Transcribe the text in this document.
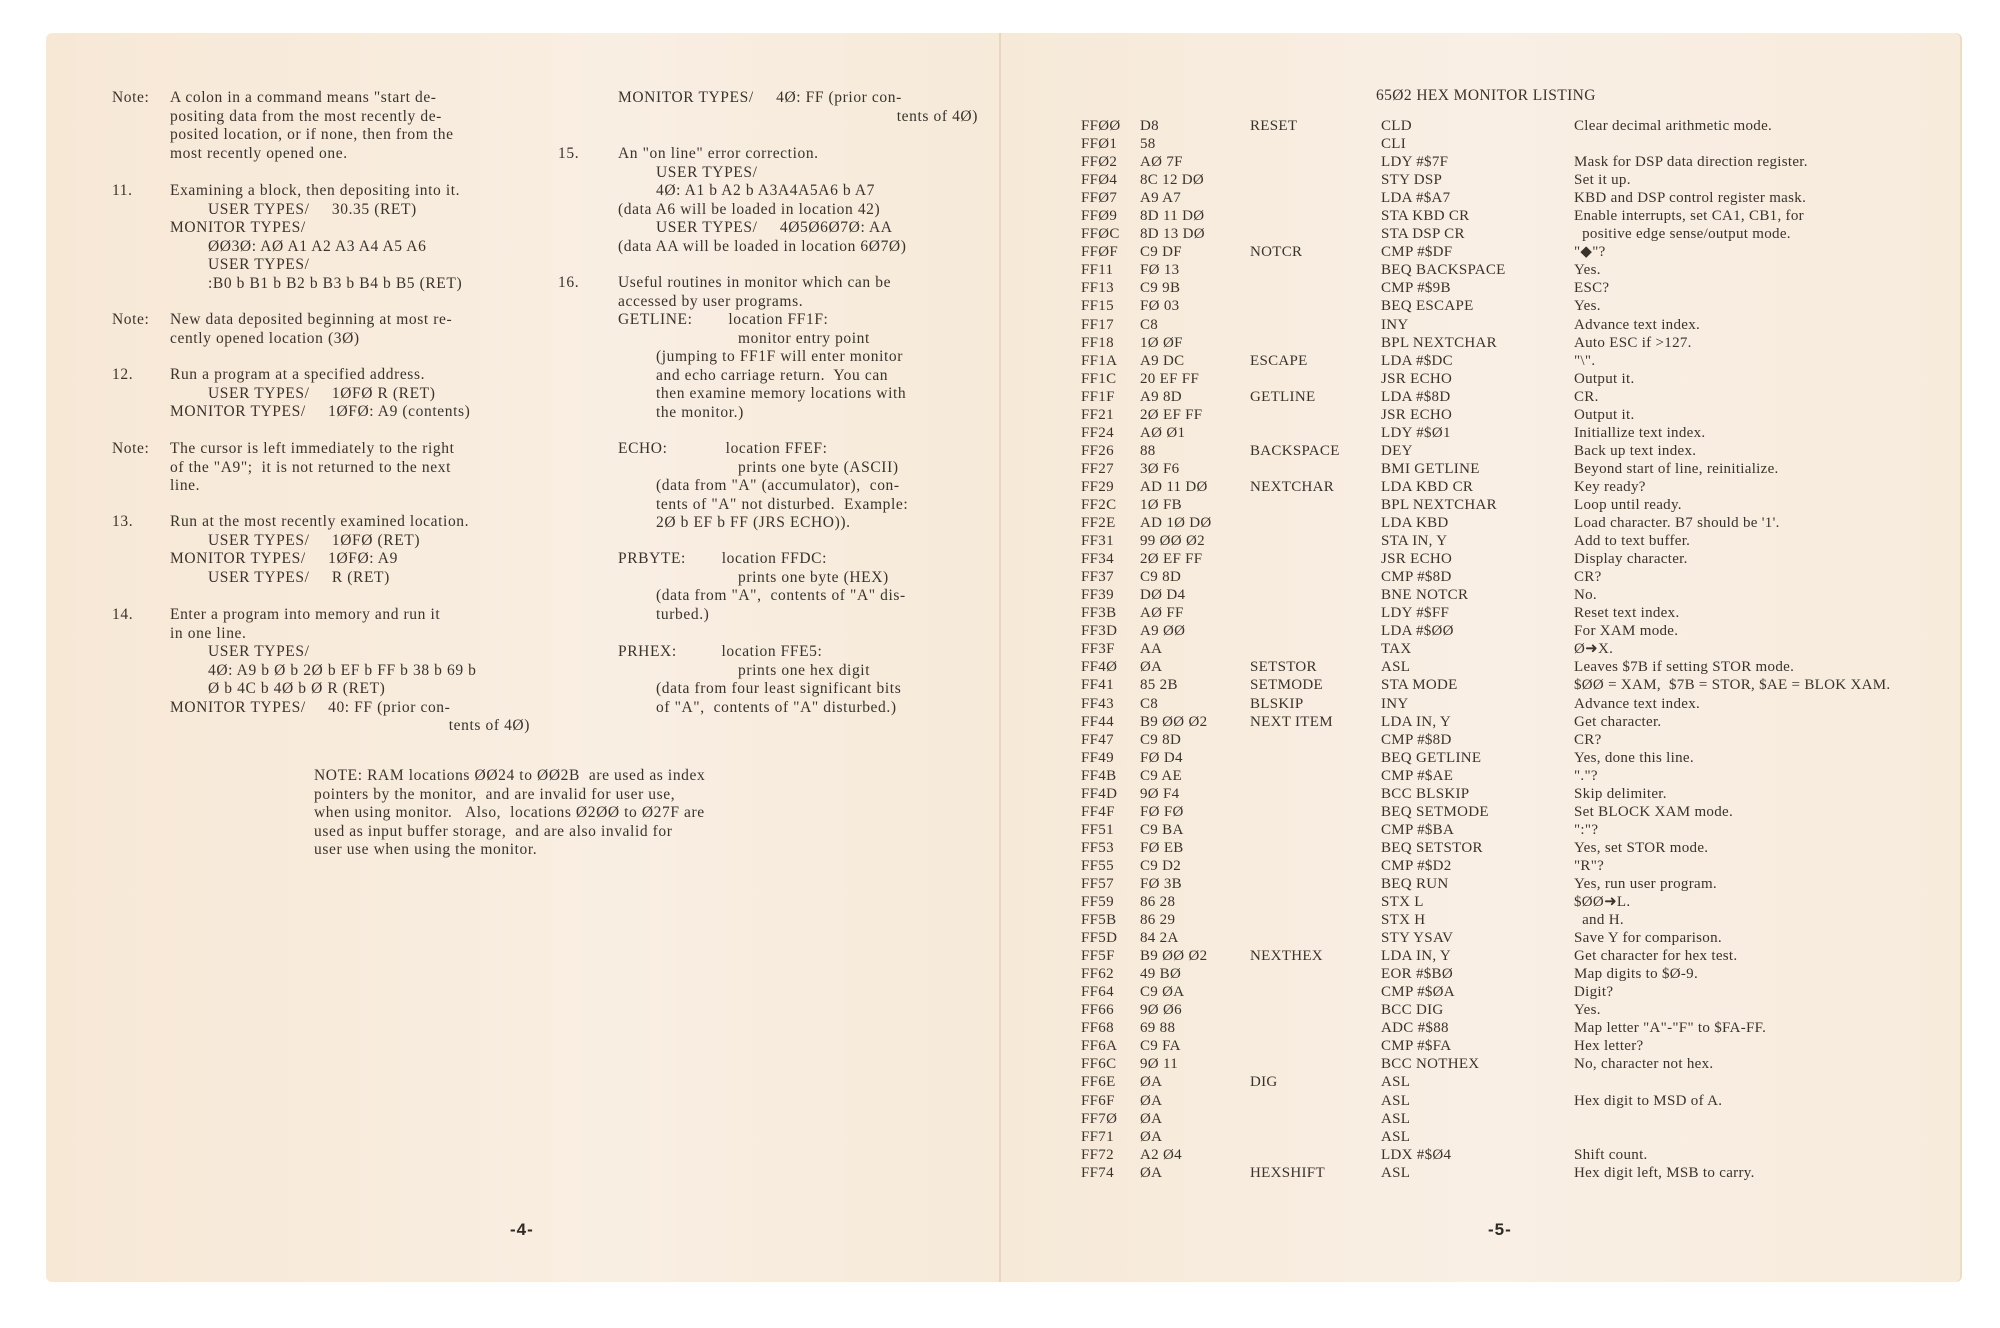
Note: A colon in a command means "start de-
positing data from the most recently de-
posited location, or if none, then from the
most recently opened one.
11. Examining a block, then depositing into it.
USER TYPES/     30.35 (RET)
MONITOR TYPES/
ØØ3Ø: AØ A1 A2 A3 A4 A5 A6
USER TYPES/
:B0 b B1 b B2 b B3 b B4 b B5 (RET)
Note: New data deposited beginning at most re-
cently opened location (3Ø)
12. Run a program at a specified address.
USER TYPES/     1ØFØ R (RET)
MONITOR TYPES/     1ØFØ: A9 (contents)
Note: The cursor is left immediately to the right
of the "A9";  it is not returned to the next
line.
13. Run at the most recently examined location.
USER TYPES/     1ØFØ (RET)
MONITOR TYPES/     1ØFØ: A9
USER TYPES/     R (RET)
14. Enter a program into memory and run it
in one line.
USER TYPES/
4Ø: A9 b Ø b 2Ø b EF b FF b 38 b 69 b
Ø b 4C b 4Ø b Ø R (RET)
MONITOR TYPES/     40: FF (prior con-
tents of 4Ø)
MONITOR TYPES/     4Ø: FF (prior con-
tents of 4Ø)
15.	An "on line" error correction.
USER TYPES/
4Ø: A1 b A2 b A3A4A5A6 b A7
(data A6 will be loaded in location 42)
USER TYPES/     4Ø5Ø6Ø7Ø: AA
(data AA will be loaded in location 6Ø7Ø)
16.	Useful routines in monitor which can be
accessed by user programs.
GETLINE:        location FF1F:
monitor entry point
(jumping to FF1F will enter monitor
and echo carriage return.  You can
then examine memory locations with
the monitor.)
ECHO:             location FFEF:
prints one byte (ASCII)
(data from "A" (accumulator),  con-
tents of "A" not disturbed.  Example:
2Ø b EF b FF (JRS ECHO)).
PRBYTE:        location FFDC:
prints one byte (HEX)
(data from "A",  contents of "A" dis-
turbed.)
PRHEX:          location FFE5:
prints one hex digit
(data from four least significant bits
of "A",  contents of "A" disturbed.)
NOTE: RAM locations ØØ24 to ØØ2B  are used as index
pointers by the monitor,  and are invalid for user use,
when using monitor.   Also,  locations Ø2ØØ to Ø27F are
used as input buffer storage,  and are also invalid for
user use when using the monitor.
-4-
65Ø2 HEX MONITOR LISTING
FFØØ D8	RESET	CLD	Clear decimal arithmetic mode.
FFØ1 58	CLI
FFØ2 AØ 7F	LDY #$7F	Mask for DSP data direction register.
FFØ4 8C 12 DØ	STY DSP	Set it up.
FFØ7 A9 A7	LDA #$A7	KBD and DSP control register mask.
FFØ9 8D 11 DØ	STA KBD CR	Enable interrupts, set CA1, CB1, for
FFØC 8D 13 DØ	STA DSP CR	positive edge sense/output mode.
FFØF C9 DF	NOTCR	CMP #$DF	"◆"?
FF11 FØ 13	BEQ BACKSPACE	Yes.
FF13 C9 9B	CMP #$9B	ESC?
FF15 FØ 03	BEQ ESCAPE	Yes.
FF17 C8	INY	Advance text index.
FF18 1Ø ØF	BPL NEXTCHAR	Auto ESC if >127.
FF1A A9 DC	ESCAPE	LDA #$DC	"\".
FF1C 20 EF FF	JSR ECHO	Output it.
FF1F A9 8D	GETLINE	LDA #$8D	CR.
FF21 2Ø EF FF	JSR ECHO	Output it.
FF24 AØ Ø1	LDY #$Ø1	Initiallize text index.
FF26 88	BACKSPACE	DEY	Back up text index.
FF27 3Ø F6	BMI GETLINE	Beyond start of line, reinitialize.
FF29 AD 11 DØ	NEXTCHAR	LDA KBD CR	Key ready?
FF2C 1Ø FB	BPL NEXTCHAR	Loop until ready.
FF2E AD 1Ø DØ	LDA KBD	Load character. B7 should be '1'.
FF31 99 ØØ Ø2	STA IN, Y	Add to text buffer.
FF34 2Ø EF FF	JSR ECHO	Display character.
FF37 C9 8D	CMP #$8D	CR?
FF39 DØ D4	BNE NOTCR	No.
FF3B AØ FF	LDY #$FF	Reset text index.
FF3D A9 ØØ	LDA #$ØØ	For XAM mode.
FF3F AA	TAX	Ø➜X.
FF4Ø ØA	SETSTOR	ASL	Leaves $7B if setting STOR mode.
FF41 85 2B	SETMODE	STA MODE	$ØØ = XAM,  $7B = STOR, $AE = BLOK XAM.
FF43 C8	BLSKIP	INY	Advance text index.
FF44 B9 ØØ Ø2	NEXT ITEM	LDA IN, Y	Get character.
FF47 C9 8D	CMP #$8D	CR?
FF49 FØ D4	BEQ GETLINE	Yes, done this line.
FF4B C9 AE	CMP #$AE	"."?
FF4D 9Ø F4	BCC BLSKIP	Skip delimiter.
FF4F FØ FØ	BEQ SETMODE	Set BLOCK XAM mode.
FF51 C9 BA	CMP #$BA	":"?
FF53 FØ EB	BEQ SETSTOR	Yes, set STOR mode.
FF55 C9 D2	CMP #$D2	"R"?
FF57 FØ 3B	BEQ RUN	Yes, run user program.
FF59 86 28	STX L	$ØØ➜L.
FF5B 86 29	STX H	and H.
FF5D 84 2A	STY YSAV	Save Y for comparison.
FF5F B9 ØØ Ø2	NEXTHEX	LDA IN, Y	Get character for hex test.
FF62 49 BØ	EOR #$BØ	Map digits to $Ø-9.
FF64 C9 ØA	CMP #$ØA	Digit?
FF66 9Ø Ø6	BCC DIG	Yes.
FF68 69 88	ADC #$88	Map letter "A"-"F" to $FA-FF.
FF6A C9 FA	CMP #$FA	Hex letter?
FF6C 9Ø 11	BCC NOTHEX	No, character not hex.
FF6E ØA	DIG	ASL
FF6F ØA	ASL	Hex digit to MSD of A.
FF7Ø ØA	ASL
FF71 ØA	ASL
FF72 A2 Ø4	LDX #$Ø4	Shift count.
FF74 ØA	HEXSHIFT	ASL	Hex digit left, MSB to carry.
-5-
